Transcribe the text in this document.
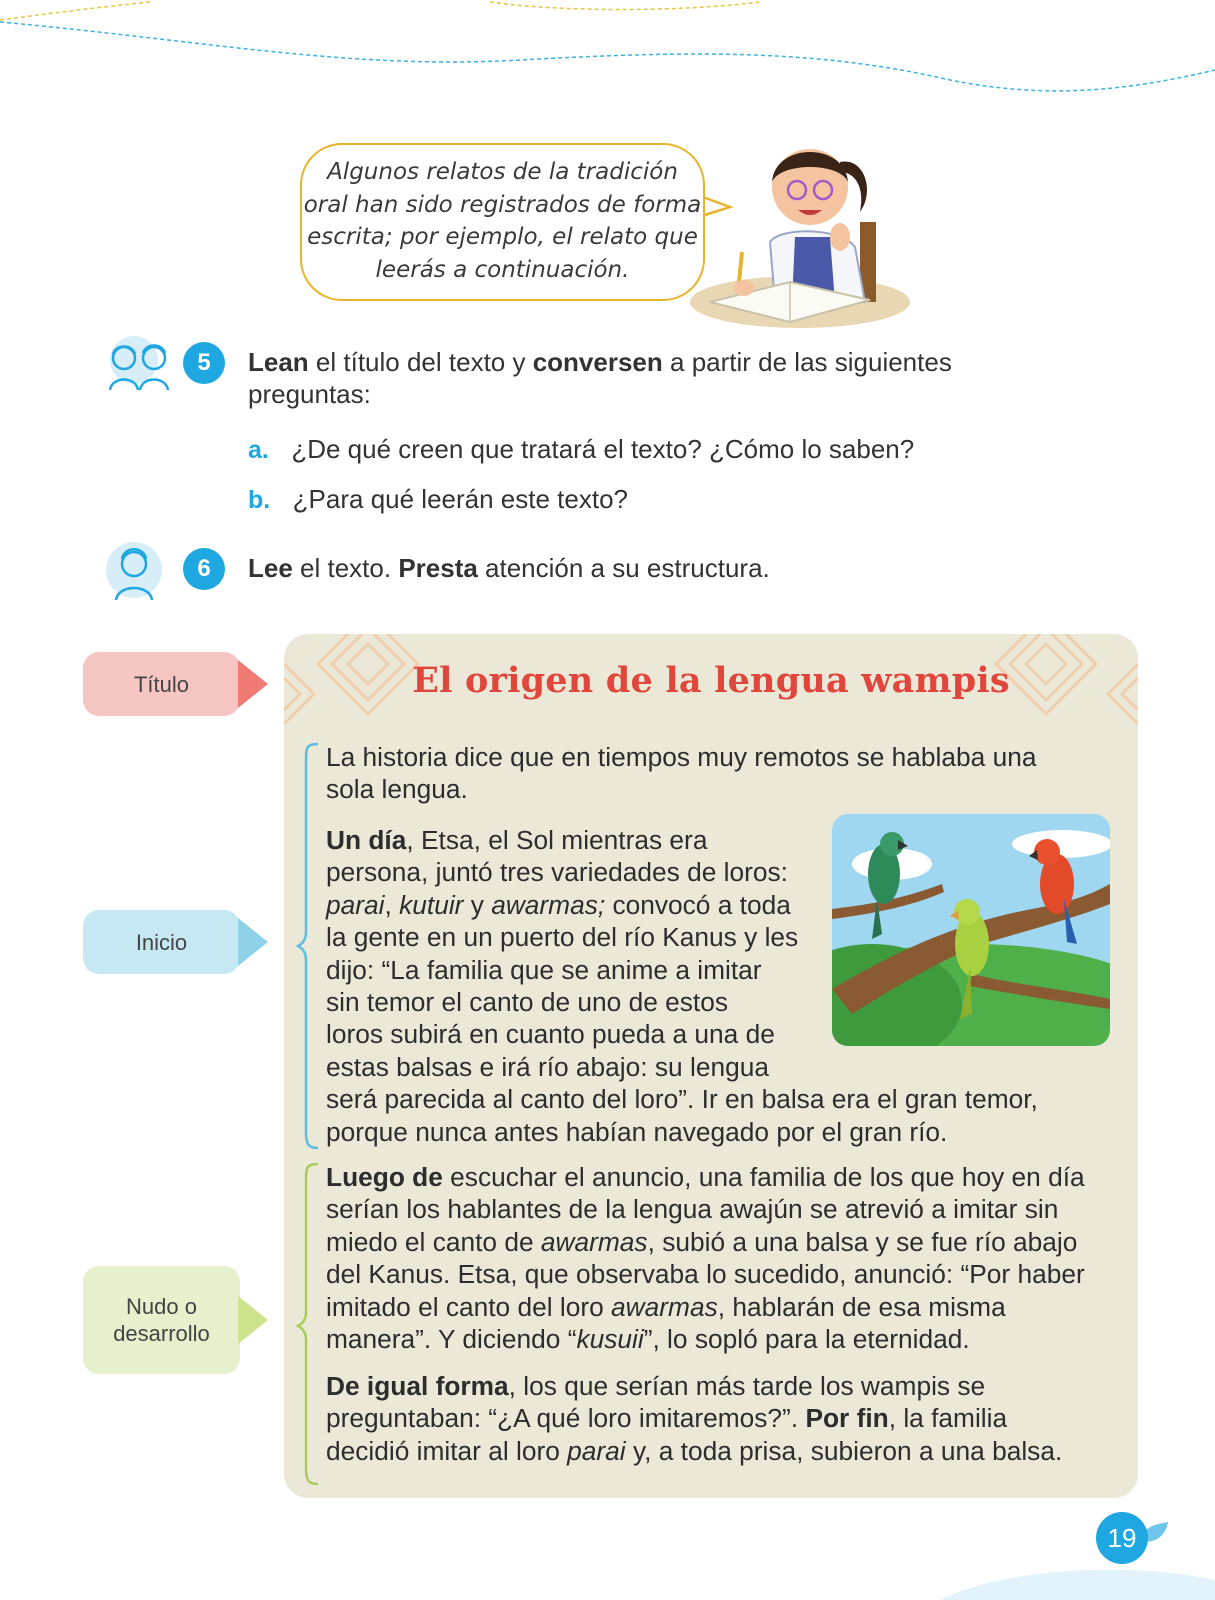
Algunos relatos de la tradición
oral han sido registrados de forma
escrita; por ejemplo, el relato que
leerás a continuación.
5	Lean el título del texto y conversen a partir de las siguientes
preguntas:
a. ¿De qué creen que tratará el texto? ¿Cómo lo saben?
b. ¿Para qué leerán este texto?
6	Lee el texto. Presta atención a su estructura.
Título
Inicio
Nudo o
desarrollo
El origen de la lengua wampis
La historia dice que en tiempos muy remotos se hablaba una
sola lengua.
Un día, Etsa, el Sol mientras era
persona, juntó tres variedades de loros:
parai, kutuir y awarmas; convocó a toda
la gente en un puerto del río Kanus y les
dijo: “La familia que se anime a imitar
sin temor el canto de uno de estos
loros subirá en cuanto pueda a una de
estas balsas e irá río abajo: su lengua
será parecida al canto del loro”. Ir en balsa era el gran temor,
porque nunca antes habían navegado por el gran río.
Luego de escuchar el anuncio, una familia de los que hoy en día
serían los hablantes de la lengua awajún se atrevió a imitar sin
miedo el canto de awarmas, subió a una balsa y se fue río abajo
del Kanus. Etsa, que observaba lo sucedido, anunció: “Por haber
imitado el canto del loro awarmas, hablarán de esa misma
manera”. Y diciendo “kusuii”, lo sopló para la eternidad.
De igual forma, los que serían más tarde los wampis se
preguntaban: “¿A qué loro imitaremos?”. Por fin, la familia
decidió imitar al loro parai y, a toda prisa, subieron a una balsa.
19
